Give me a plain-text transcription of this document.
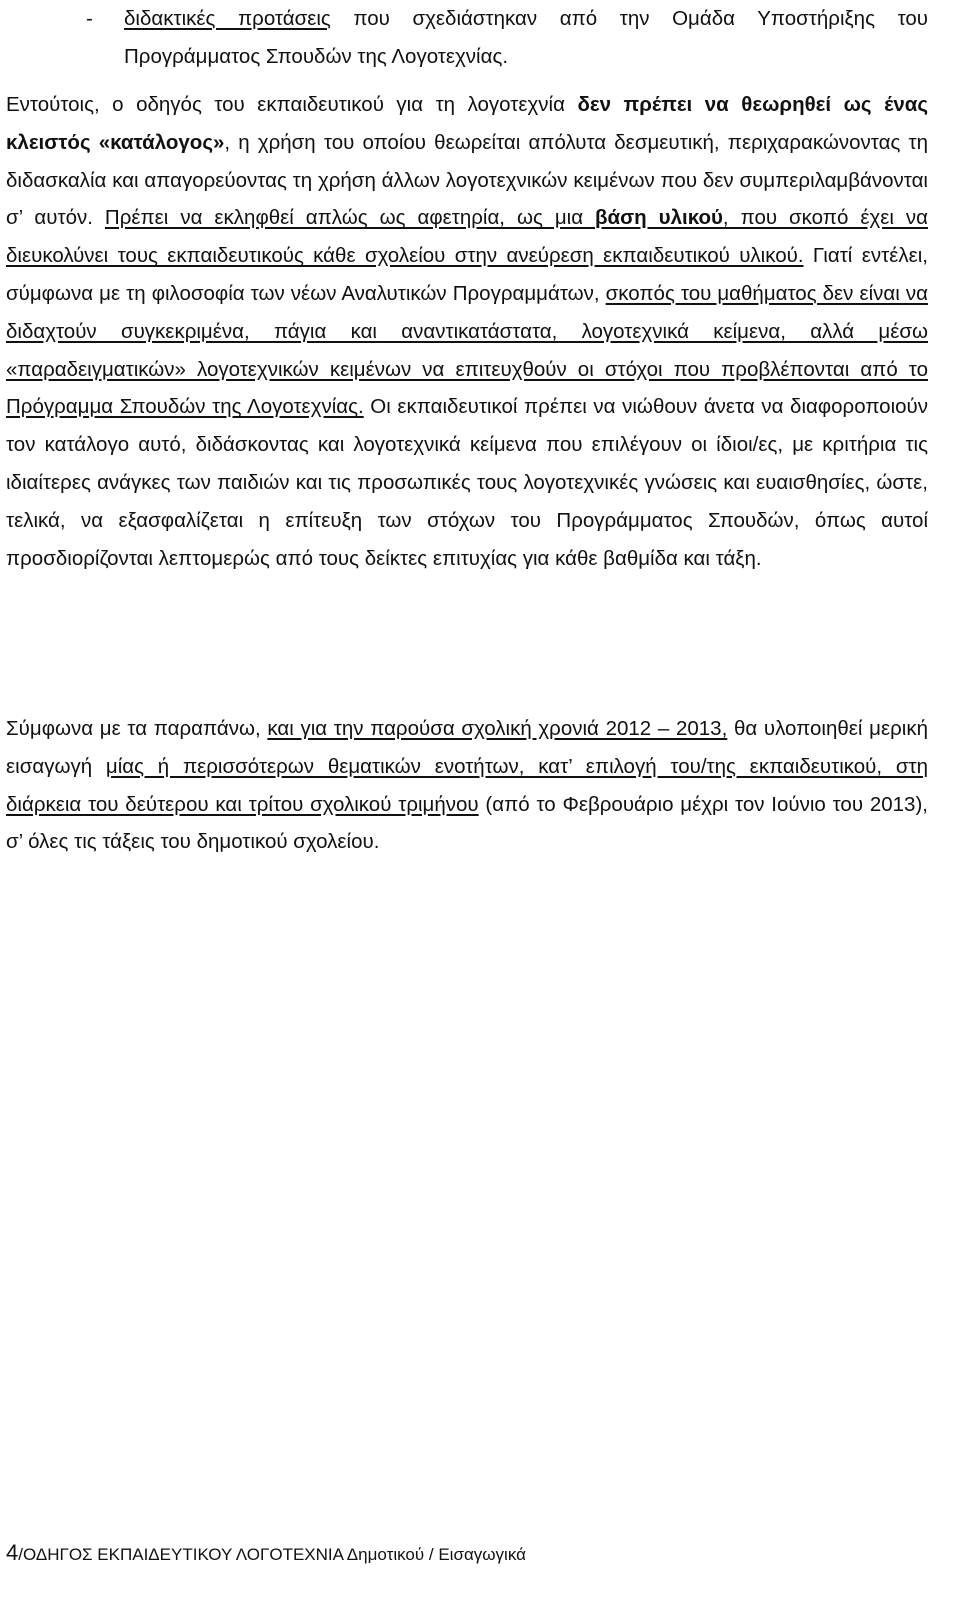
- διδακτικές προτάσεις που σχεδιάστηκαν από την Ομάδα Υποστήριξης του Προγράμματος Σπουδών της Λογοτεχνίας.

Εντούτοις, ο οδηγός του εκπαιδευτικού για τη λογοτεχνία δεν πρέπει να θεωρηθεί ως ένας κλειστός «κατάλογος», η χρήση του οποίου θεωρείται απόλυτα δεσμευτική, περιχαρακώνοντας τη διδασκαλία και απαγορεύοντας τη χρήση άλλων λογοτεχνικών κειμένων που δεν συμπεριλαμβάνονται σ’ αυτόν. Πρέπει να εκληφθεί απλώς ως αφετηρία, ως μια βάση υλικού, που σκοπό έχει να διευκολύνει τους εκπαιδευτικούς κάθε σχολείου στην ανεύρεση εκπαιδευτικού υλικού. Γιατί εντέλει, σύμφωνα με τη φιλοσοφία των νέων Αναλυτικών Προγραμμάτων, σκοπός του μαθήματος δεν είναι να διδαχτούν συγκεκριμένα, πάγια και αναντικατάστατα, λογοτεχνικά κείμενα, αλλά μέσω «παραδειγματικών» λογοτεχνικών κειμένων να επιτευχθούν οι στόχοι που προβλέπονται από το Πρόγραμμα Σπουδών της Λογοτεχνίας. Οι εκπαιδευτικοί πρέπει να νιώθουν άνετα να διαφοροποιούν τον κατάλογο αυτό, διδάσκοντας και λογοτεχνικά κείμενα που επιλέγουν οι ίδιοι/ες, με κριτήρια τις ιδιαίτερες ανάγκες των παιδιών και τις προσωπικές τους λογοτεχνικές γνώσεις και ευαισθησίες, ώστε, τελικά, να εξασφαλίζεται η επίτευξη των στόχων του Προγράμματος Σπουδών, όπως αυτοί προσδιορίζονται λεπτομερώς από τους δείκτες επιτυχίας για κάθε βαθμίδα και τάξη.

Σύμφωνα με τα παραπάνω, και για την παρούσα σχολική χρονιά 2012 – 2013, θα υλοποιηθεί μερική εισαγωγή μίας ή περισσότερων θεματικών ενοτήτων, κατ’ επιλογή του/της εκπαιδευτικού, στη διάρκεια του δεύτερου και τρίτου σχολικού τριμήνου (από το Φεβρουάριο μέχρι τον Ιούνιο του 2013), σ’ όλες τις τάξεις του δημοτικού σχολείου.

4/ΟΔΗΓΟΣ ΕΚΠΑΙΔΕΥΤΙΚΟΥ ΛΟΓΟΤΕΧΝΙΑ Δημοτικού / Εισαγωγικά
